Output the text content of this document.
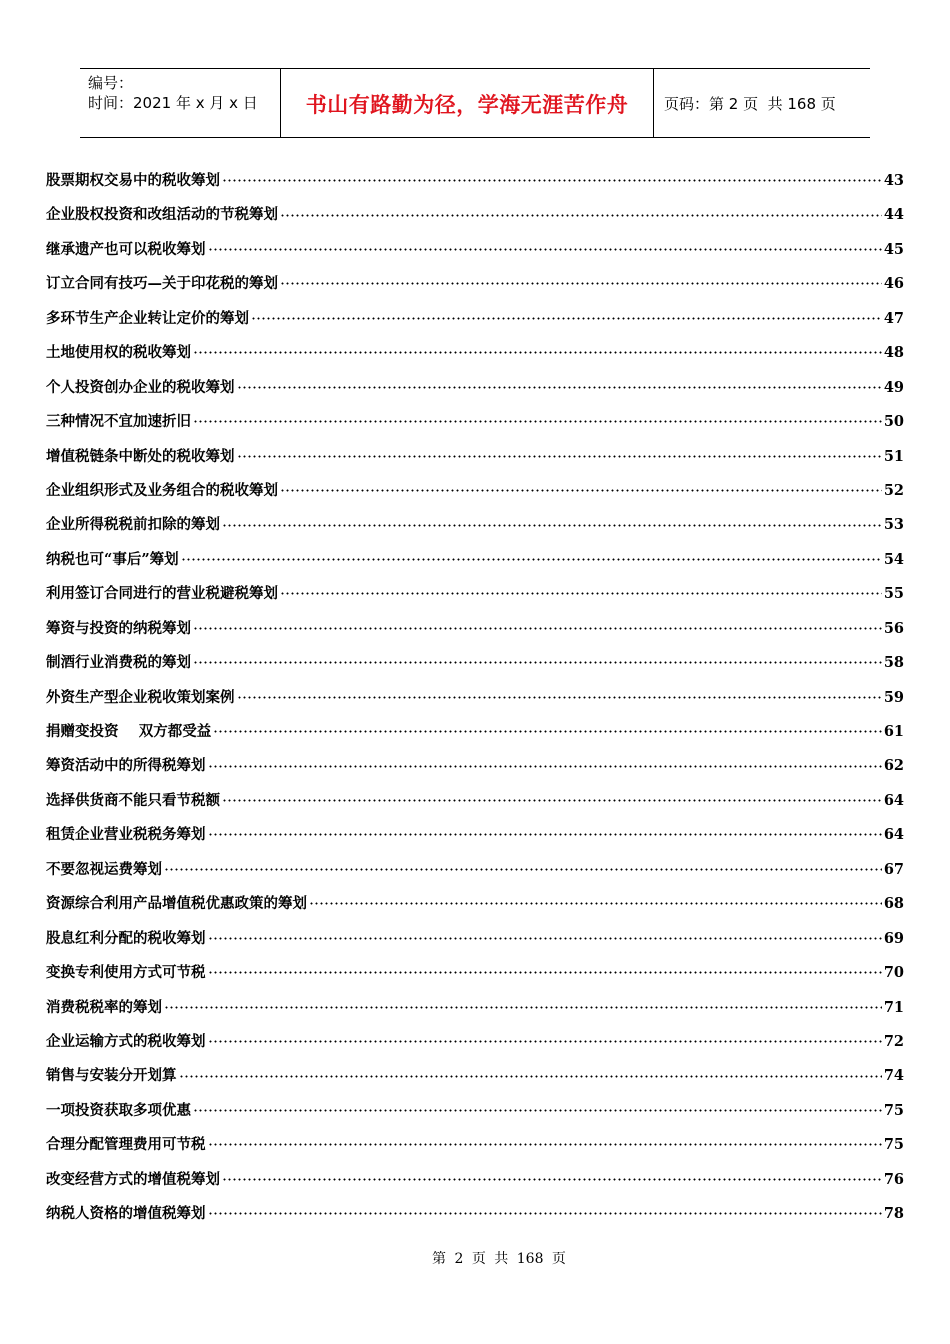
编号：
时间：2021 年 x 月 x 日	书山有路勤为径，学海无涯苦作舟	页码：第 2 页  共 168 页
股票期权交易中的税收筹划	43
企业股权投资和改组活动的节税筹划	44
继承遗产也可以税收筹划	45
订立合同有技巧—关于印花税的筹划	46
多环节生产企业转让定价的筹划	47
土地使用权的税收筹划	48
个人投资创办企业的税收筹划	49
三种情况不宜加速折旧	50
增值税链条中断处的税收筹划	51
企业组织形式及业务组合的税收筹划	52
企业所得税税前扣除的筹划	53
纳税也可“事后”筹划	54
利用签订合同进行的营业税避税筹划	55
筹资与投资的纳税筹划	56
制酒行业消费税的筹划	58
外资生产型企业税收策划案例	59
捐赠变投资    双方都受益	61
筹资活动中的所得税筹划	62
选择供货商不能只看节税额	64
租赁企业营业税税务筹划	64
不要忽视运费筹划	67
资源综合利用产品增值税优惠政策的筹划	68
股息红利分配的税收筹划	69
变换专利使用方式可节税	70
消费税税率的筹划	71
企业运输方式的税收筹划	72
销售与安装分开划算	74
一项投资获取多项优惠	75
合理分配管理费用可节税	75
改变经营方式的增值税筹划	76
纳税人资格的增值税筹划	78
第 2 页 共 168 页
